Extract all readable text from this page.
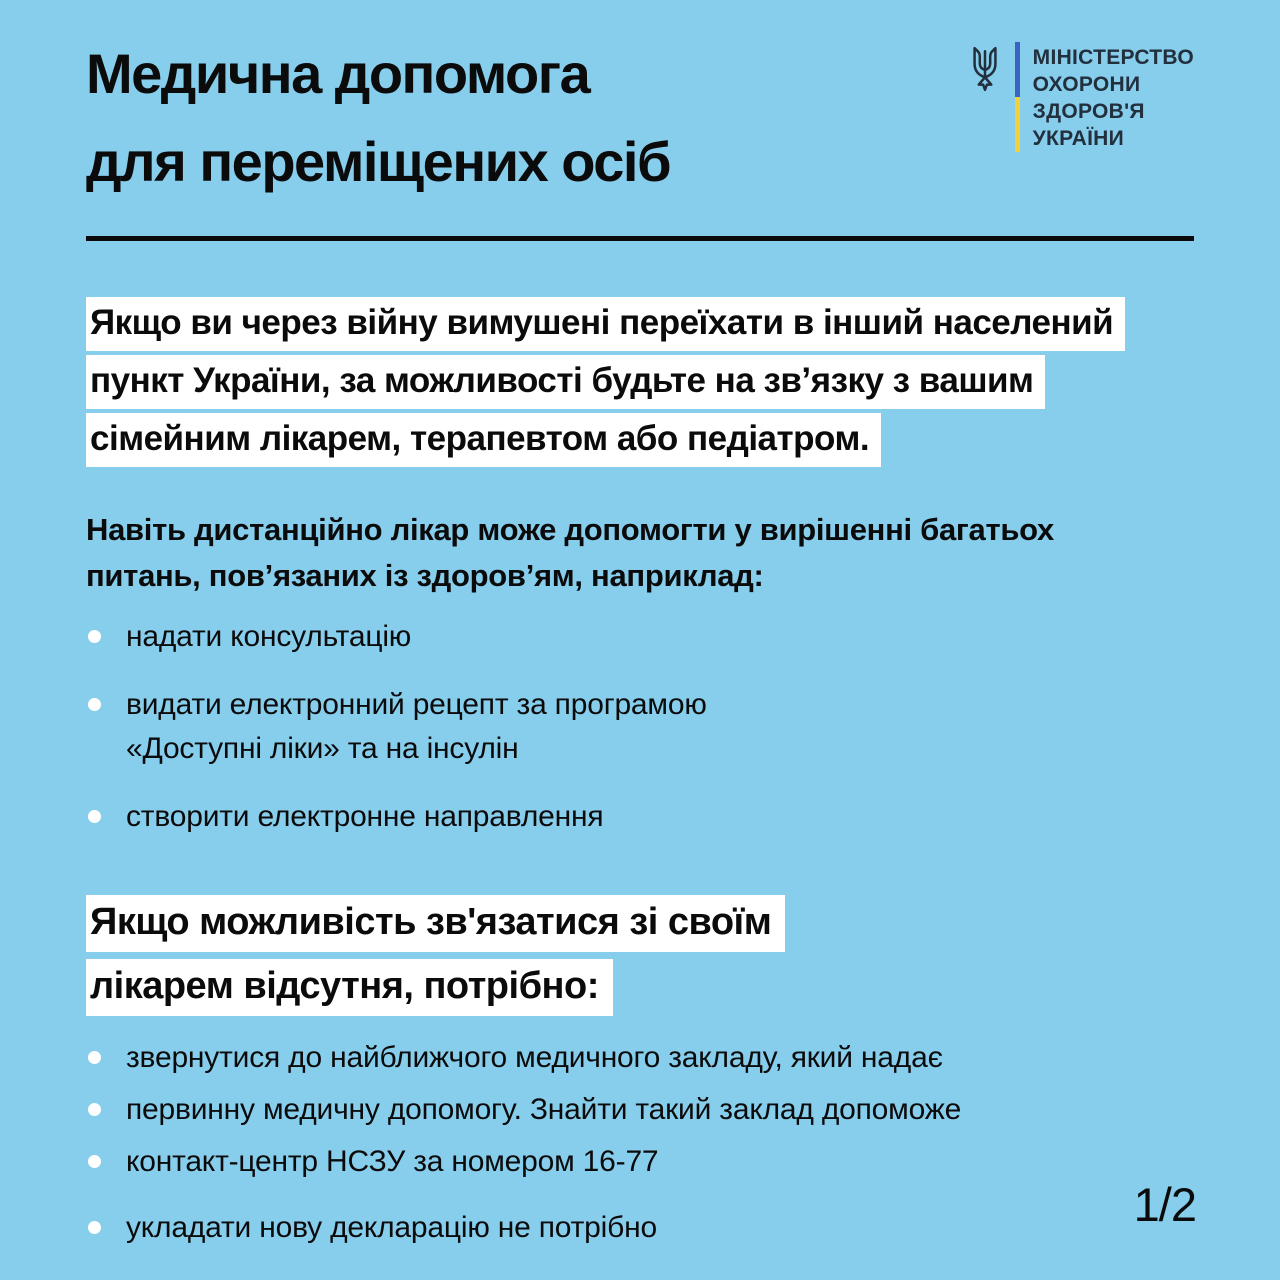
Медична допомога
для переміщених осіб
МІНІСТЕРСТВО
ОХОРОНИ
ЗДОРОВ'Я
УКРАЇНИ
Якщо ви через війну вимушені переїхати в інший населений
пункт України, за можливості будьте на зв’язку з вашим
сімейним лікарем, терапевтом або педіатром.

Навіть дистанційно лікар може допомогти у вирішенні багатьох
питань, пов’язаних із здоров’ям, наприклад:

надати консультацію
видати електронний рецепт за програмою
«Доступні ліки» та на інсулін
створити електронне направлення
Якщо можливість зв'язатися зі своїм
лікарем відсутня, потрібно:
звернутися до найближчого медичного закладу, який надає
первинну медичну допомогу. Знайти такий заклад допоможе
контакт-центр НСЗУ за номером 16-77
укладати нову декларацію не потрібно	1/2
